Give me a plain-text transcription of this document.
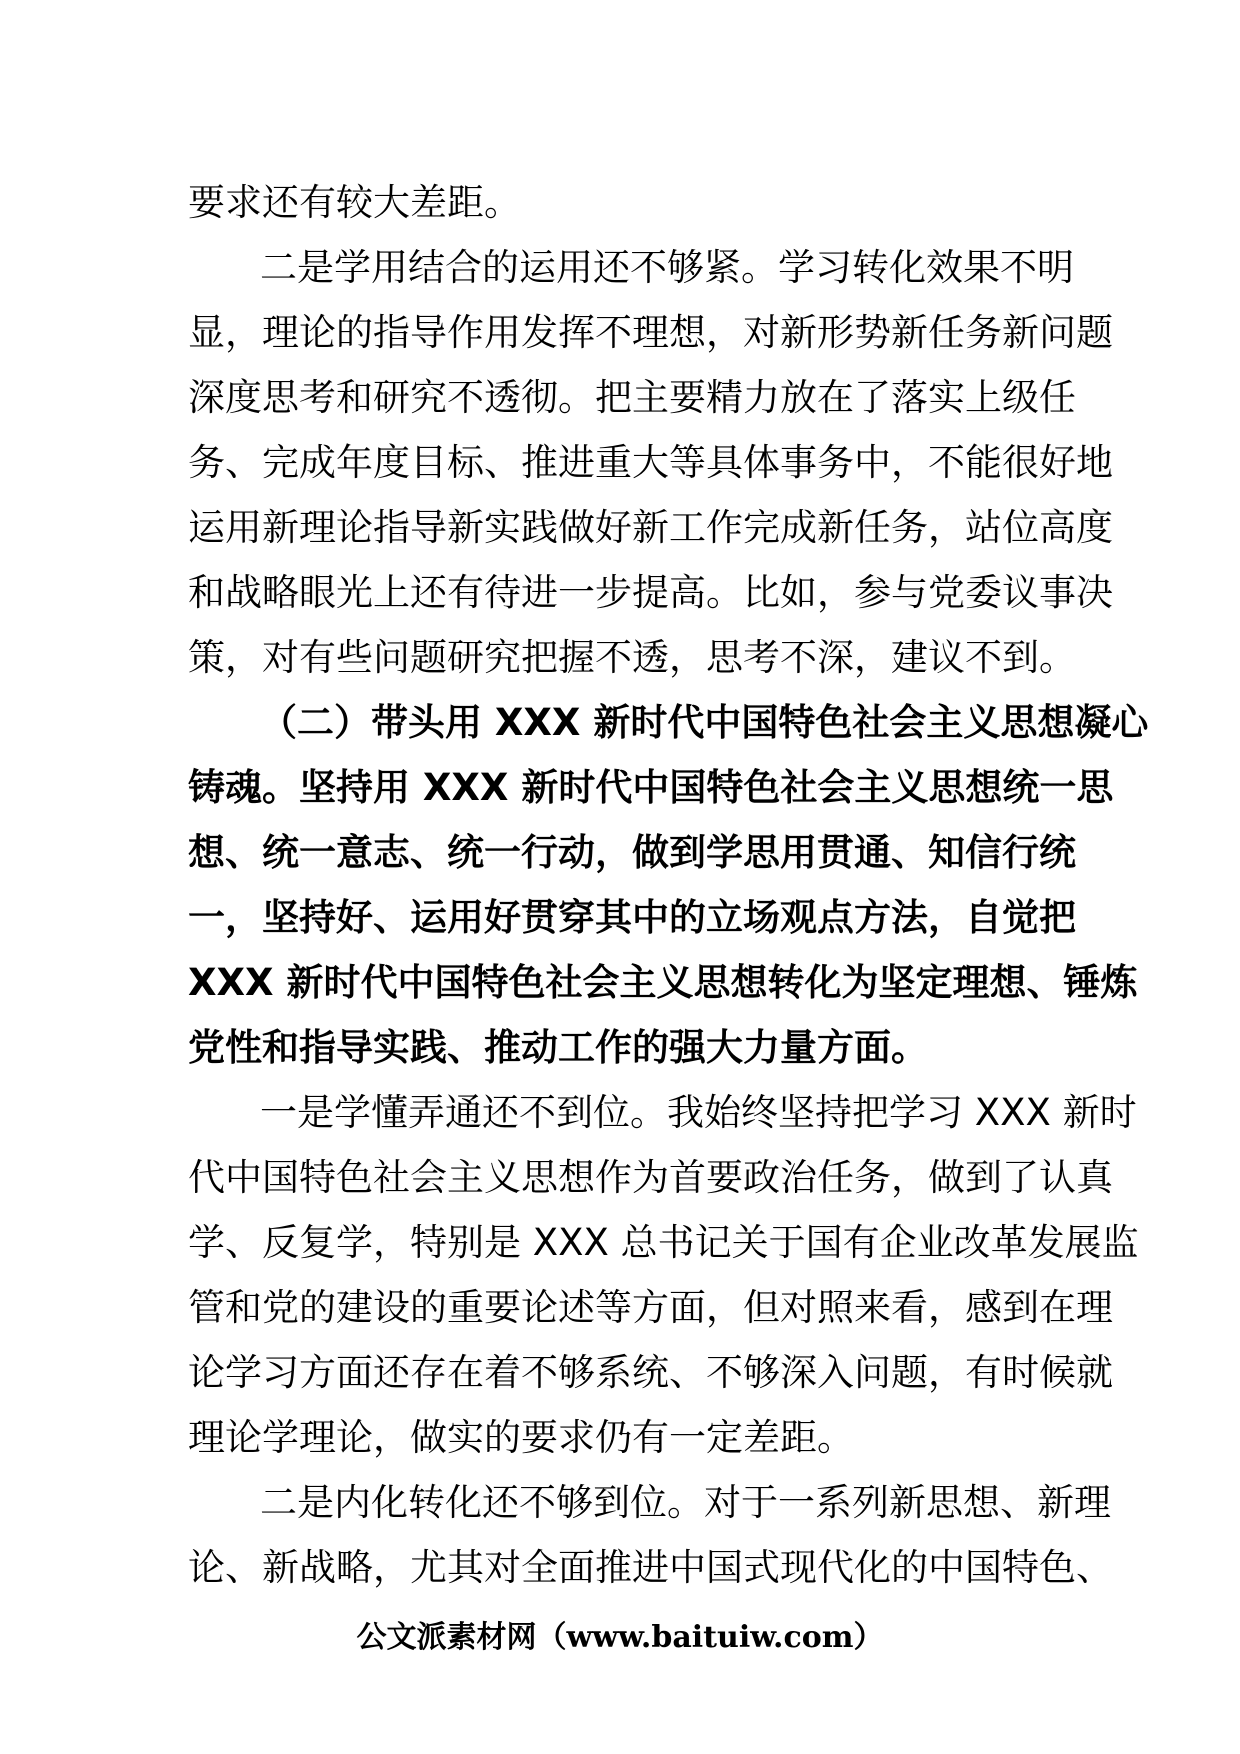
要求还有较大差距。
二是学用结合的运用还不够紧。学习转化效果不明
显，理论的指导作用发挥不理想，对新形势新任务新问题
深度思考和研究不透彻。把主要精力放在了落实上级任
务、完成年度目标、推进重大等具体事务中，不能很好地
运用新理论指导新实践做好新工作完成新任务，站位高度
和战略眼光上还有待进一步提高。比如，参与党委议事决
策，对有些问题研究把握不透，思考不深，建议不到。
（二）带头用 XXX 新时代中国特色社会主义思想凝心
铸魂。坚持用 XXX 新时代中国特色社会主义思想统一思
想、统一意志、统一行动，做到学思用贯通、知信行统
一，坚持好、运用好贯穿其中的立场观点方法，自觉把
XXX 新时代中国特色社会主义思想转化为坚定理想、锤炼
党性和指导实践、推动工作的强大力量方面。
一是学懂弄通还不到位。我始终坚持把学习 XXX 新时
代中国特色社会主义思想作为首要政治任务，做到了认真
学、反复学，特别是 XXX 总书记关于国有企业改革发展监
管和党的建设的重要论述等方面，但对照来看，感到在理
论学习方面还存在着不够系统、不够深入问题，有时候就
理论学理论，做实的要求仍有一定差距。
二是内化转化还不够到位。对于一系列新思想、新理
论、新战略，尤其对全面推进中国式现代化的中国特色、
公文派素材网（www.baituiw.com）
